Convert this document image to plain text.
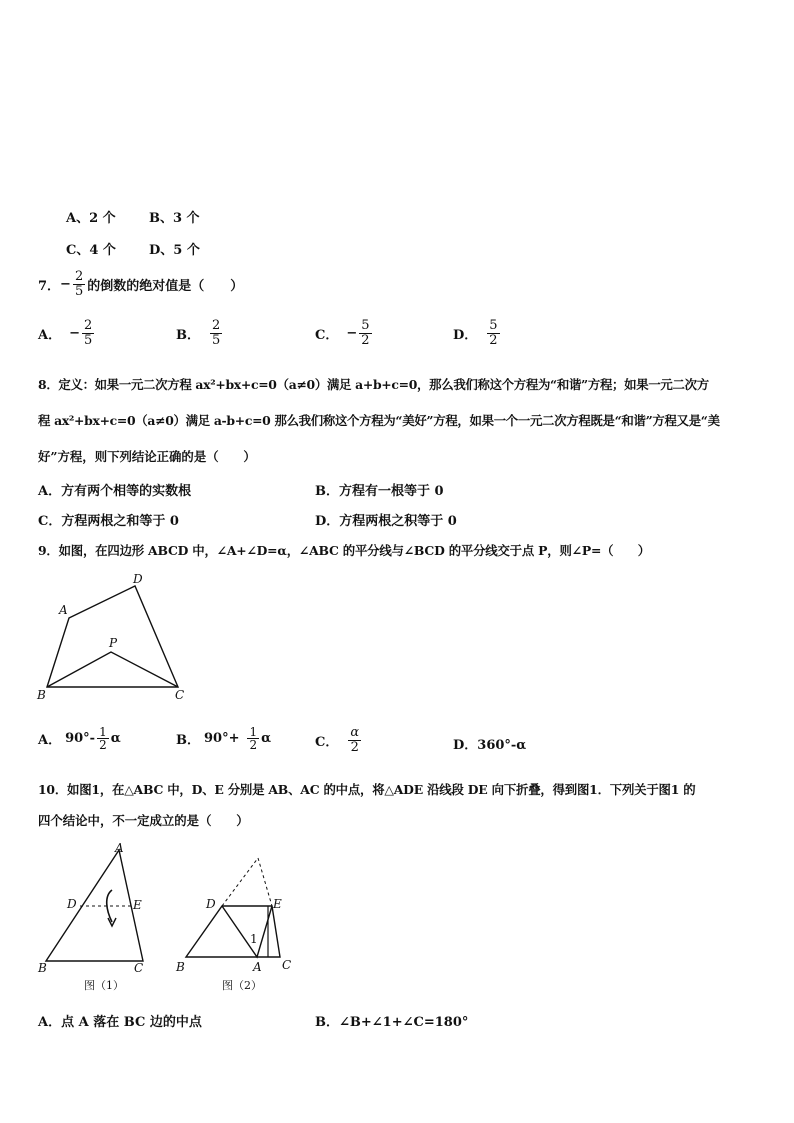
A、2 个	B、3 个
C、4 个	D、5 个
7． − $\frac{2}{5}$ 的倒数的绝对值是（　　）
A． − $\frac{2}{5}$	B． $\frac{2}{5}$	C． − $\frac{5}{2}$	D． $\frac{5}{2}$
8．定义：如果一元二次方程 ax²+bx+c=0（a≠0）满足 a+b+c=0，那么我们称这个方程为“和谐”方程；如果一元二次方
程 ax²+bx+c=0（a≠0）满足 a-b+c=0 那么我们称这个方程为“美好”方程，如果一个一元二次方程既是“和谐”方程又是“美
好”方程，则下列结论正确的是（　　）
A．方有两个相等的实数根	B．方程有一根等于 0
C．方程两根之和等于 0	D．方程两根之积等于 0
9．如图，在四边形 ABCD 中，∠A+∠D=α，∠ABC 的平分线与∠BCD 的平分线交于点 P，则∠P=（　　）
A
D
P
B	C
A． $90^\circ- \frac{1}{2}$ α	B． $90^\circ+ \frac{1}{2}$ α	C． $\frac{\alpha}{2}$	D．360°-α
10．如图1，在△ABC 中，D、E 分别是 AB、AC 的中点，将△ADE 沿线段 DE 向下折叠，得到图1．下列关于图1 的
四个结论中，不一定成立的是（　　）
A
D	E
B	C
图（1）
D	E
1
B	A C
图（2）
A．点 A 落在 BC 边的中点	B．∠B+∠1+∠C=180°
